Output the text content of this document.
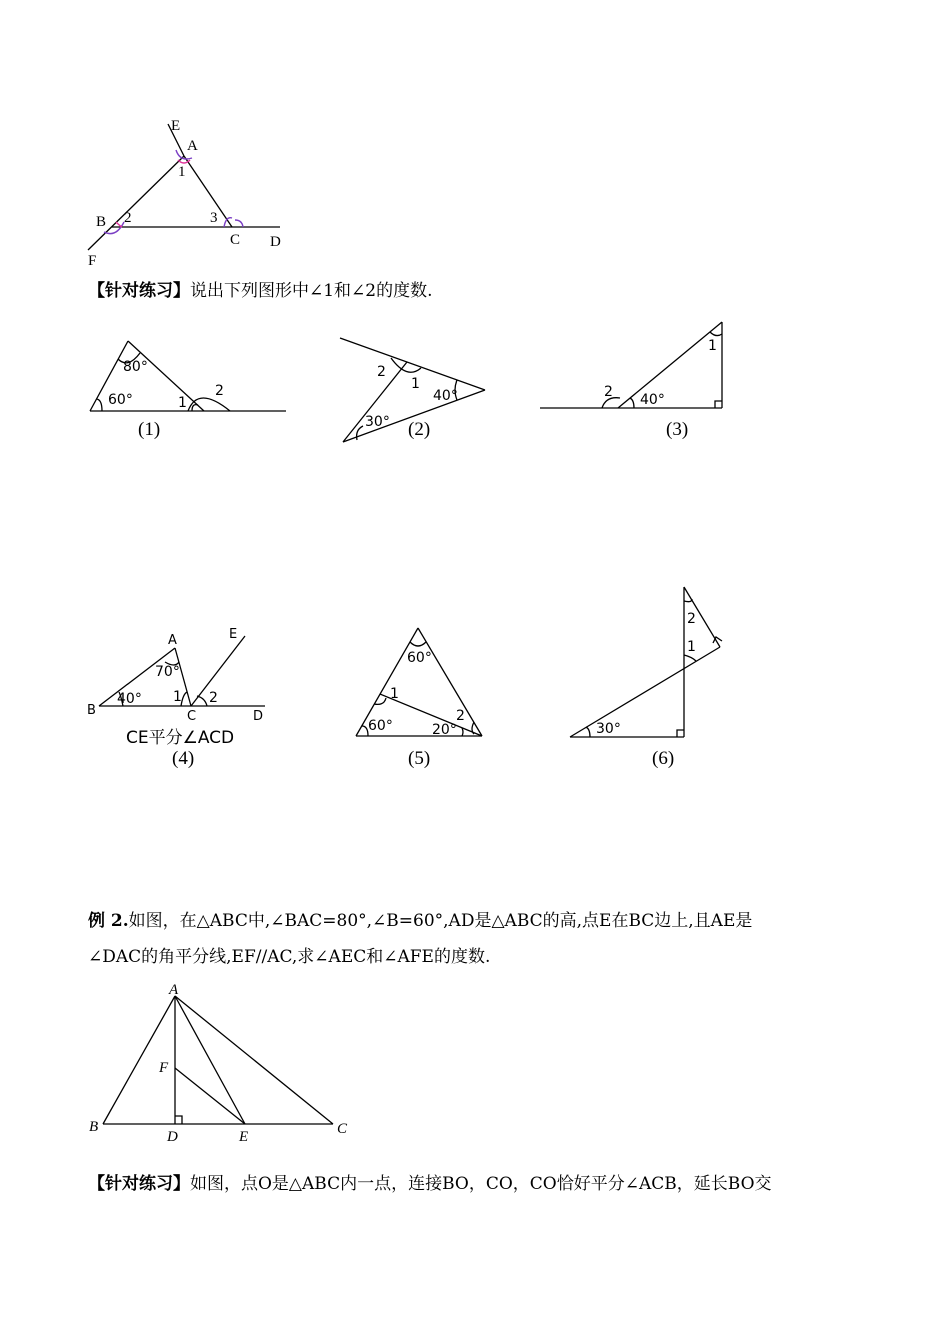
E
A
1
B 2	3
C D
F
【针对练习】说出下列图形中∠1和∠2的度数.
80°
60°	1
2
(1)
2
1
40°
30° (2)
1
2 40°
(3)
A	E
70°
40° 1 2
B	C	D
CE平分∠ACD
(4)
60°
1
60°	20°
2
(5)
2
1
30°
(6)
例 2.如图，在△ABC中,∠BAC=80°,∠B=60°,AD是△ABC的高,点E在BC边上,且AE是
∠DAC的角平分线,EF//AC,求∠AEC和∠AFE的度数.
A
F
B
D	E	C
【针对练习】如图，点O是△ABC内一点，连接BO，CO，CO恰好平分∠ACB，延长BO交
